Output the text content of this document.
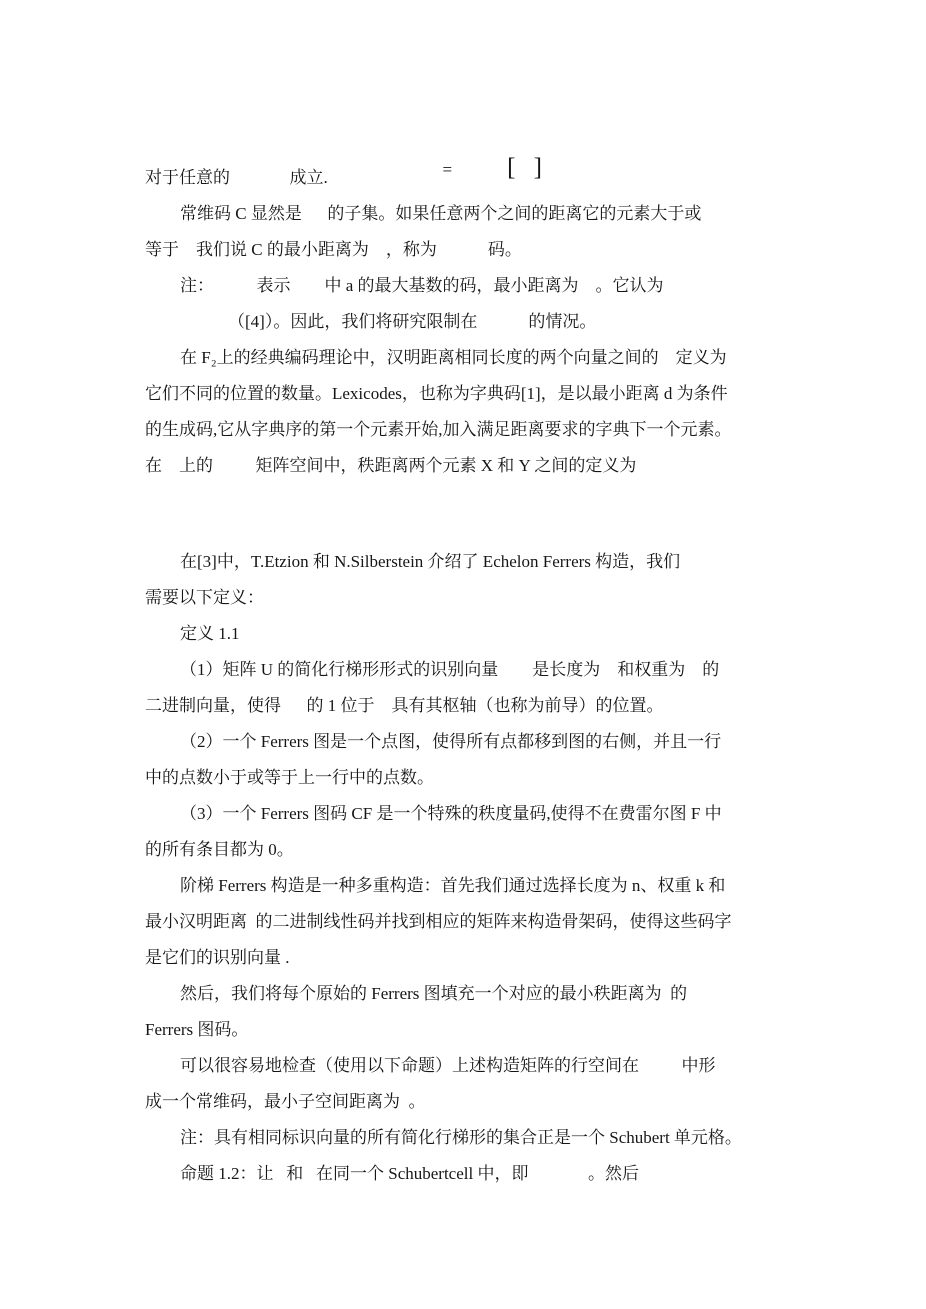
= [ ]

对于任意的              成立.
常维码 C 显然是      的子集。如果任意两个之间的距离它的元素大于或
等于    我们说 C 的最小距离为    ，称为            码。
注：          表示        中 a 的最大基数的码，最小距离为    。它认为
（[4]）。因此，我们将研究限制在            的情况。
在 F₂上的经典编码理论中，汉明距离相同长度的两个向量之间的    定义为
它们不同的位置的数量。Lexicodes，也称为字典码[1]，是以最小距离 d 为条件
的生成码,它从字典序的第一个元素开始,加入满足距离要求的字典下一个元素。
在    上的          矩阵空间中，秩距离两个元素 X 和 Y 之间的定义为
在[3]中，T.Etzion 和 N.Silberstein 介绍了 Echelon Ferrers 构造，我们
需要以下定义：
定义 1.1
（1）矩阵 U 的简化行梯形形式的识别向量        是长度为    和权重为    的
二进制向量，使得      的 1 位于    具有其枢轴（也称为前导）的位置。
（2）一个 Ferrers 图是一个点图，使得所有点都移到图的右侧，并且一行
中的点数小于或等于上一行中的点数。
（3）一个 Ferrers 图码 CF 是一个特殊的秩度量码,使得不在费雷尔图 F 中
的所有条目都为 0。
阶梯 Ferrers 构造是一种多重构造：首先我们通过选择长度为 n、权重 k 和
最小汉明距离  的二进制线性码并找到相应的矩阵来构造骨架码，使得这些码字
是它们的识别向量 .
然后，我们将每个原始的 Ferrers 图填充一个对应的最小秩距离为  的
Ferrers 图码。
可以很容易地检查（使用以下命题）上述构造矩阵的行空间在          中形
成一个常维码，最小子空间距离为  。
注：具有相同标识向量的所有简化行梯形的集合正是一个 Schubert 单元格。
命题 1.2：让   和   在同一个 Schubertcell 中，即              。然后
